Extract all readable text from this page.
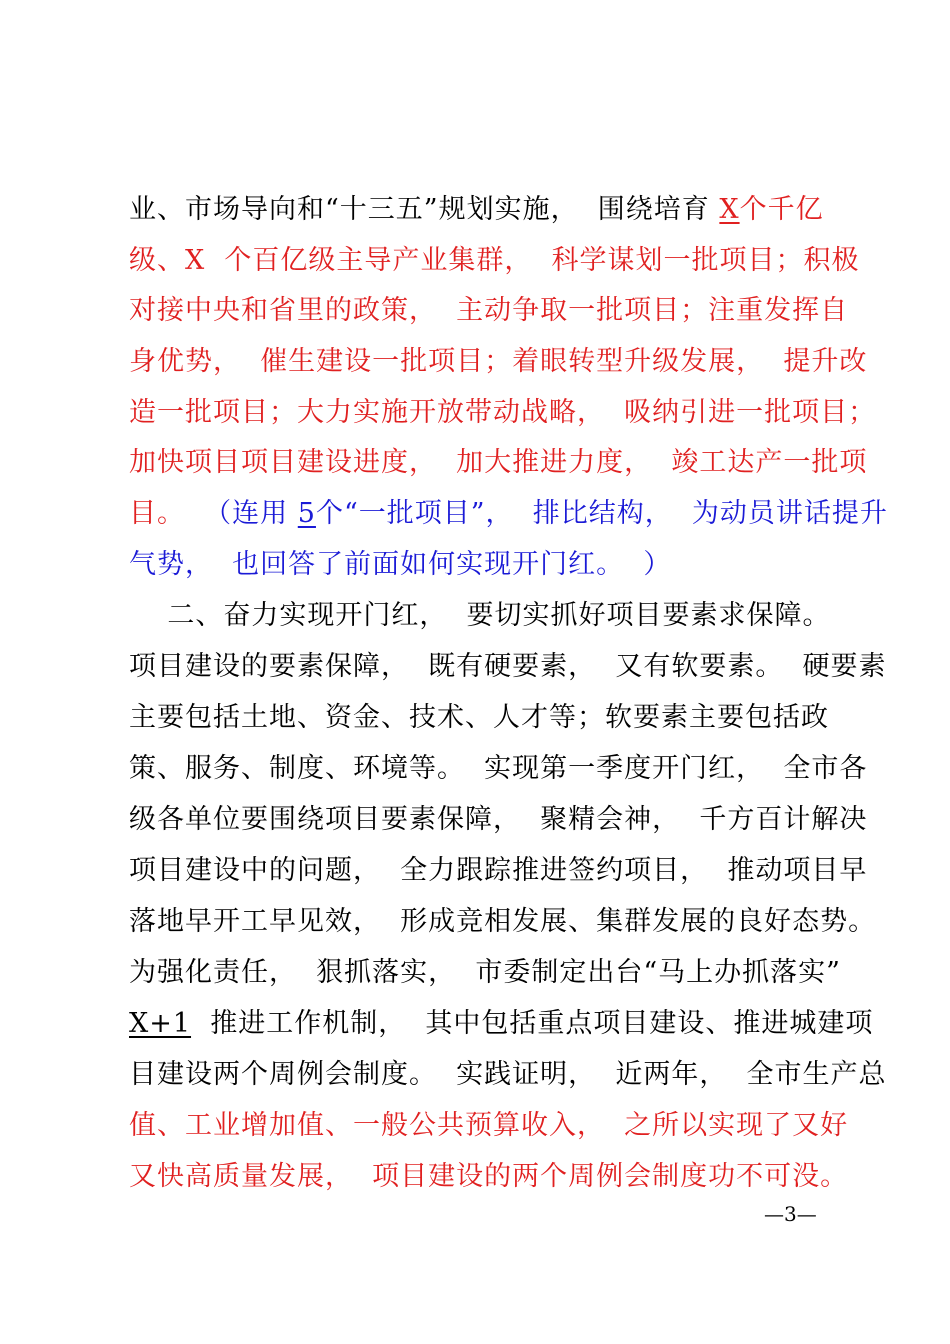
业、市场导向和“十三五”规划实施，  围绕培育 X个千亿
级、X  个百亿级主导产业集群，  科学谋划一批项目；积极
对接中央和省里的政策，  主动争取一批项目；注重发挥自
身优势，  催生建设一批项目；着眼转型升级发展，  提升改
造一批项目；大力实施开放带动战略，  吸纳引进一批项目；
加快项目项目建设进度，  加大推进力度，  竣工达产一批项
目。  （连用 5个“一批项目”，  排比结构，  为动员讲话提升
气势，  也回答了前面如何实现开门红。  ）
二、奋力实现开门红，  要切实抓好项目要素求保障。
项目建设的要素保障，  既有硬要素，  又有软要素。  硬要素
主要包括土地、资金、技术、人才等；软要素主要包括政
策、服务、制度、环境等。  实现第一季度开门红，  全市各
级各单位要围绕项目要素保障，  聚精会神，  千方百计解决
项目建设中的问题，  全力跟踪推进签约项目，  推动项目早
落地早开工早见效，  形成竞相发展、集群发展的良好态势。
为强化责任，  狠抓落实，  市委制定出台“马上办抓落实”
X+1  推进工作机制，  其中包括重点项目建设、推进城建项
目建设两个周例会制度。  实践证明，  近两年，  全市生产总
值、工业增加值、一般公共预算收入，  之所以实现了又好
又快高质量发展，  项目建设的两个周例会制度功不可没。
—3—
